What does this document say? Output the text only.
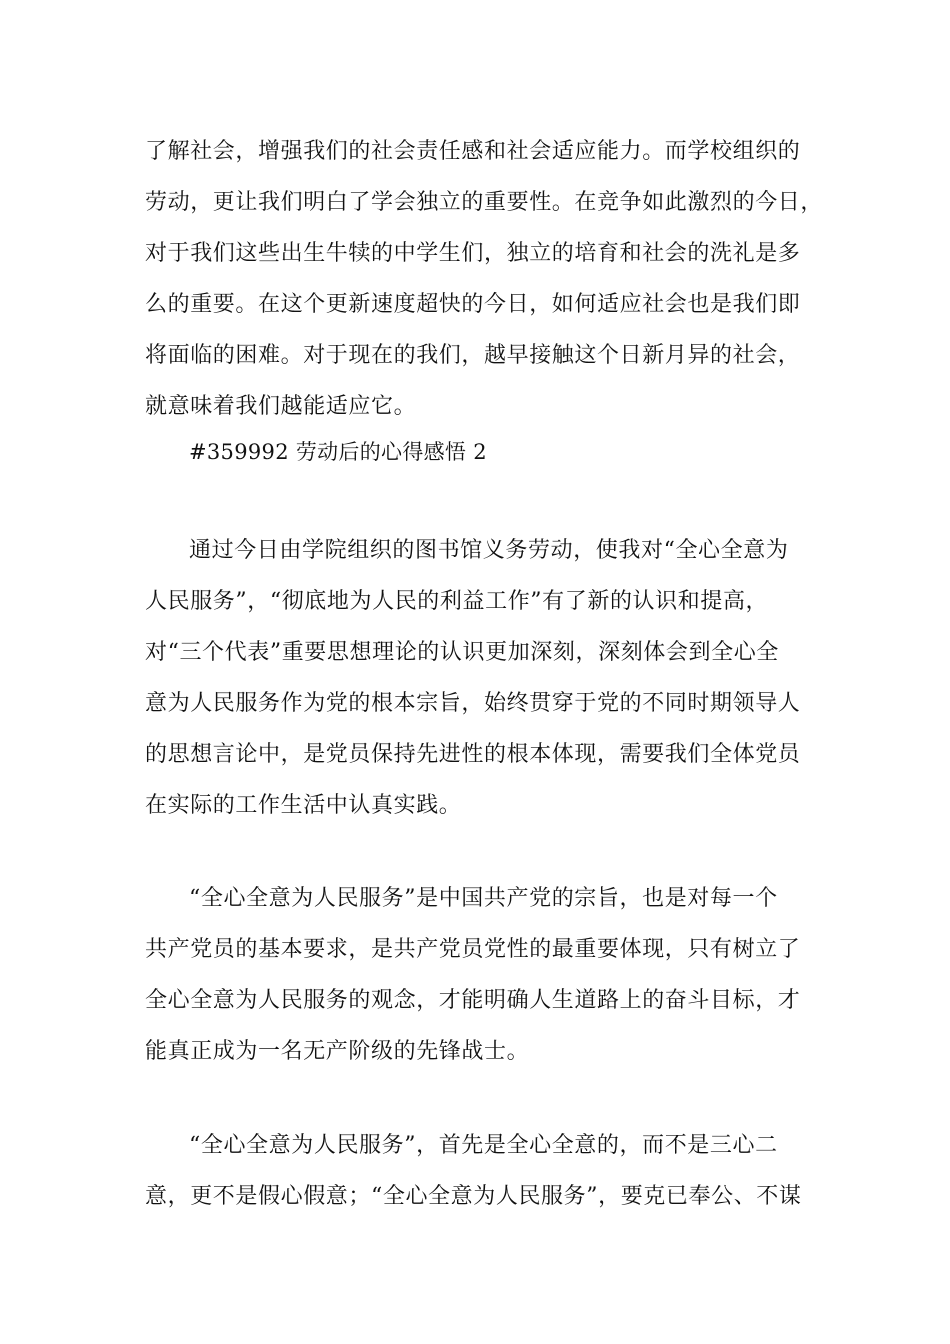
了解社会，增强我们的社会责任感和社会适应能力。而学校组织的
劳动，更让我们明白了学会独立的重要性。在竞争如此激烈的今日，
对于我们这些出生牛犊的中学生们，独立的培育和社会的洗礼是多
么的重要。在这个更新速度超快的今日，如何适应社会也是我们即
将面临的困难。对于现在的我们，越早接触这个日新月异的社会，
就意味着我们越能适应它。
#359992 劳动后的心得感悟 2
通过今日由学院组织的图书馆义务劳动，使我对“全心全意为
人民服务”，“彻底地为人民的利益工作”有了新的认识和提高，
对“三个代表”重要思想理论的认识更加深刻，深刻体会到全心全
意为人民服务作为党的根本宗旨，始终贯穿于党的不同时期领导人
的思想言论中，是党员保持先进性的根本体现，需要我们全体党员
在实际的工作生活中认真实践。
“全心全意为人民服务”是中国共产党的宗旨，也是对每一个
共产党员的基本要求，是共产党员党性的最重要体现，只有树立了
全心全意为人民服务的观念，才能明确人生道路上的奋斗目标，才
能真正成为一名无产阶级的先锋战士。
“全心全意为人民服务”，首先是全心全意的，而不是三心二
意，更不是假心假意；“全心全意为人民服务”，要克已奉公、不谋
